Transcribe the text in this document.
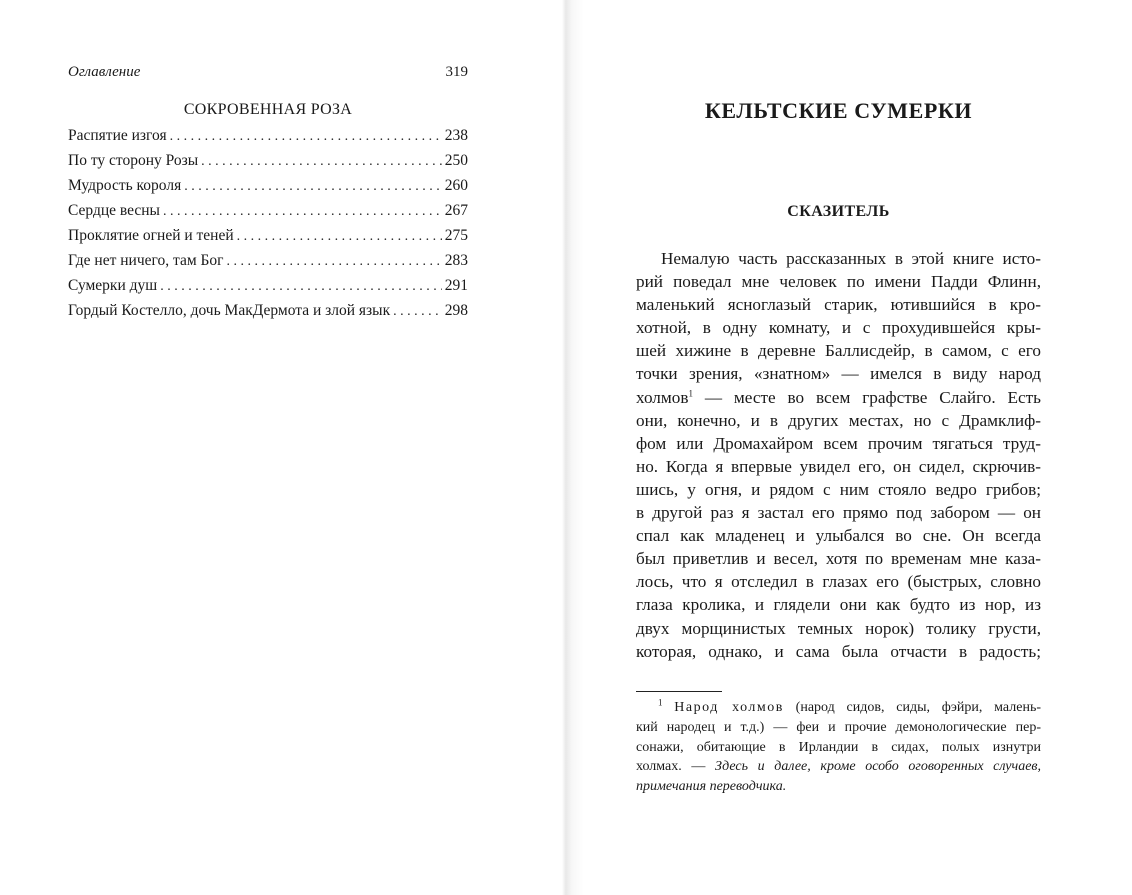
Оглавление	319
СОКРОВЕННАЯ РОЗА
Распятие изгоя . . .	238
По ту сторону Розы . . .	250
Мудрость короля . . .	260
Сердце весны . . .	267
Проклятие огней и теней . . .	275
Где нет ничего, там Бог . . .	283
Сумерки душ . . .	291
Гордый Костелло, дочь МакДермота и злой язык . . .	298
КЕЛЬТСКИЕ СУМЕРКИ
СКАЗИТЕЛЬ

Немалую часть рассказанных в этой книге исто-
рий поведал мне человек по имени Падди Флинн,
маленький ясноглазый старик, ютившийся в кро-
хотной, в одну комнату, и с прохудившейся кры-
шей хижине в деревне Баллисдейр, в самом, с его
точки зрения, «знатном» — имелся в виду народ
холмов$^1$ — месте во всем графстве Слайго. Есть
они, конечно, и в других местах, но с Драмклиф-
фом или Дромахайром всем прочим тягаться труд-
но. Когда я впервые увидел его, он сидел, скрючив-
шись, у огня, и рядом с ним стояло ведро грибов;
в другой раз я застал его прямо под забором — он
спал как младенец и улыбался во сне. Он всегда
был приветлив и весел, хотя по временам мне каза-
лось, что я отследил в глазах его (быстрых, словно
глаза кролика, и глядели они как будто из нор, из
двух морщинистых темных норок) толику грусти,
которая, однако, и сама была отчасти в радость;

$^1$ Народ холмов (народ сидов, сиды, фэйри, малень-
кий народец и т.д.) — феи и прочие демонологические пер-
сонажи, обитающие в Ирландии в сидах, полых изнутри
холмах. — Здесь и далее, кроме особо оговоренных случаев,
примечания переводчика.
